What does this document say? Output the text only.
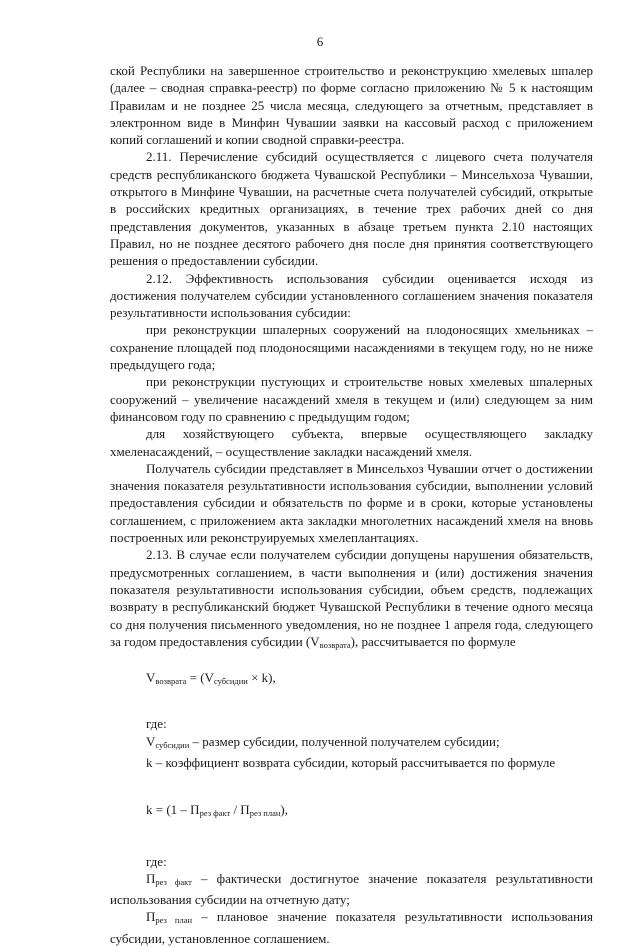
6

ской Республики на завершенное строительство и реконструкцию хмелевых шпалер (далее – сводная справка-реестр) по форме согласно приложению № 5 к настоящим Правилам и не позднее 25 числа месяца, следующего за отчетным, представляет в электронном виде в Минфин Чувашии заявки на кассовый расход с приложением копий соглашений и копии сводной справки-реестра.

2.11. Перечисление субсидий осуществляется с лицевого счета получателя средств республиканского бюджета Чувашской Республики – Минсельхоза Чувашии, открытого в Минфине Чувашии, на расчетные счета получателей субсидий, открытые в российских кредитных организациях, в течение трех рабочих дней со дня представления документов, указанных в абзаце третьем пункта 2.10 настоящих Правил, но не позднее десятого рабочего дня после дня принятия соответствующего решения о предоставлении субсидии.

2.12. Эффективность использования субсидии оценивается исходя из достижения получателем субсидии установленного соглашением значения показателя результативности использования субсидии:

при реконструкции шпалерных сооружений на плодоносящих хмельниках – сохранение площадей под плодоносящими насаждениями в текущем году, но не ниже предыдущего года;

при реконструкции пустующих и строительстве новых хмелевых шпалерных сооружений – увеличение насаждений хмеля в текущем и (или) следующем за ним финансовом году по сравнению с предыдущим годом;

для хозяйствующего субъекта, впервые осуществляющего закладку хмеленасаждений, – осуществление закладки насаждений хмеля.

Получатель субсидии представляет в Минсельхоз Чувашии отчет о достижении значения показателя результативности использования субсидии, выполнении условий предоставления субсидии и обязательств по форме и в сроки, которые установлены соглашением, с приложением акта закладки многолетних насаждений хмеля на вновь построенных или реконструируемых хмелеплантациях.

2.13. В случае если получателем субсидии допущены нарушения обязательств, предусмотренных соглашением, в части выполнения и (или) достижения значения показателя результативности использования субсидии, объем средств, подлежащих возврату в республиканский бюджет Чувашской Республики в течение одного месяца со дня получения письменного уведомления, но не позднее 1 апреля года, следующего за годом предоставления субсидии $(V_{возврата})$, рассчитывается по формуле

$V_{возврата} = (V_{субсидии} \times k)$,

где:

$V_{субсидии}$ – размер субсидии, полученной получателем субсидии;

k – коэффициент возврата субсидии, который рассчитывается по формуле

$k = (1 - П_{рез факт} / П_{рез план})$,

где:

$П_{рез факт}$ – фактически достигнутое значение показателя результативности использования субсидии на отчетную дату;

$П_{рез план}$ – плановое значение показателя результативности использования субсидии, установленное соглашением.
